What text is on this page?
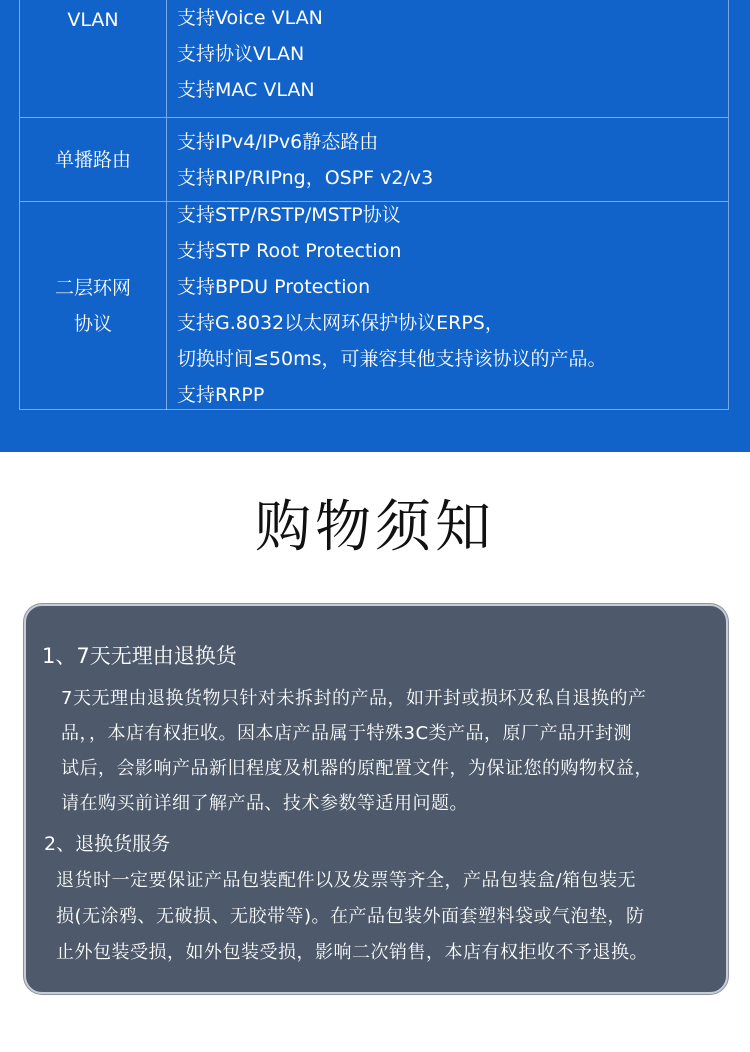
VLAN	支持Voice VLAN
支持协议VLAN
支持MAC VLAN
单播路由
支持IPv4/IPv6静态路由
支持RIP/RIPng，OSPF v2/v3
二层环网
协议
支持STP/RSTP/MSTP协议
支持STP Root Protection
支持BPDU Protection
支持G.8032以太网环保护协议ERPS，
切换时间≤50ms，可兼容其他支持该协议的产品。
支持RRPP
购物须知
1、7天无理由退换货
7天无理由退换货物只针对未拆封的产品，如开封或损坏及私自退换的产
品，，本店有权拒收。因本店产品属于特殊3C类产品，原厂产品开封测
试后，会影响产品新旧程度及机器的原配置文件，为保证您的购物权益，
请在购买前详细了解产品、技术参数等适用问题。
2、退换货服务
退货时一定要保证产品包装配件以及发票等齐全，产品包装盒/箱包装无
损(无涂鸦、无破损、无胶带等)。在产品包装外面套塑料袋或气泡垫，防
止外包装受损，如外包装受损，影响二次销售，本店有权拒收不予退换。
